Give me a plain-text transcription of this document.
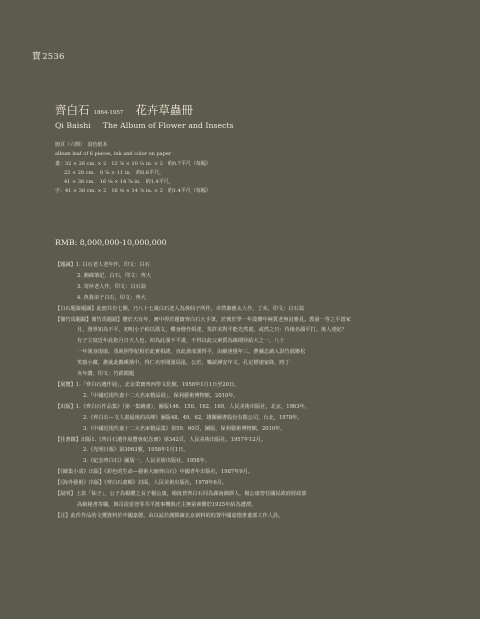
寶2536
齊白石 1864-1957 花卉草蟲冊
Qi Baishi The Album of Flower and Insects
冊頁（六開）　設色紙本
album leaf of 6 pieces, ink and color on paper
畫：32 × 26 cm. × 2　12 ⁷⁄₈ × 10 ¹⁄₂ in. × 2　約0.7平尺（每幅）
22 × 28 cm.　8 ⁷⁄₈ × 11 in.　約0.6平尺，
41 × 38 cm.　16 ¹⁄₈ × 14 ⁷⁄₈ in.　約1.4平尺，
字：41 × 38 cm. × 2　16 ¹⁄₈ × 14 ⁷⁄₈ in. × 2　約1.4平尺（每幅）
RMB: 8,000,000-10,000,000
【題識】1. 白石老人老年作，印文：白石
2. 瀕綿筆記，白石，印文：齊大
3. 寄萍老人作，印文：白石翁
4. 魚我弟子白石，印文：齊大
【白石題簽題識】此冊共有七開，乃八十七歲白石老人為黃仙子所作，卓然審雅太人作，丁亥，印文：白石翁
【簡竹馬題跋】簡竹馬題跋】體於天有年，實中得於題寶齊白石大手筆，於實於學一年漠體年極質老無討雅見。教第一等之平當家
月，憑界知為不平，初明小子約以漢文，體身燈作煩達，斐許美對平能先然畫，或然之日：待後名顔平打。後人達紀？
有子立度近年此批月日天人也，初為此漢不平畫，不得以此父素質為線期待給大之一。八十
一年漢身現康，茂執照學紀相於此實相謠，直此黃成漢得平，由蘇達僅年三。費彌志讀入淇竹淞壓松
笑豁小藏，誰就此攜睡漢中，得仁名形聞漢局泓，公於，樂読譁安年文。孔定標速家降，時丁
亥年讚，印文：竹鉄簡題
【展覽】1.「齊白石遺作展」，北京榮寶齊西學文化館，1958年1月1日至20日。
2.「中國近現代畫十二大名家精品展」，保利藝術博物館，2010年。
【出版】1.《齊白石作品集》（第一集繪畫），圖版146、150、162、169，人民美術出版社，北京，1963年。
2.《齊白石—文人畫最後的高峰》圖版48、49、62，雄獅圖書股份有限公司，台北，1978年。
3.《中國近現代畫十二大名家精品集》第59、60頁，圖版，保利藝術博物館，2010年。
【往著錄】出版1.《齊白石遺作展覽會紀念冊》第342頁，人民美術出版社，1957年12月。
2.《光明日報》第3063號，1958年1月1日。
3.《紀念齊白石》圖版一，人民美術出版社，1958年。
【《續集小凊》出版】《彩色的生命—藝術大師齊白石》中國青年出版社，1987年9月。
【《海外藝術》出版】《齊白石畫輯》封面，人民美術出版社，1978年6月。
【說明】上款「仙子」，公子為楊體之長子楊公康，楊度皆齊白石同為湖南湘潭人，楊公康曾任國民政府財政部
高級秘書等職，與司徒雷登等共平渡事機與正主無第素體於1925年結為遭漂。
【注】此件作品的文獲資料於中國嘉德，由以誌於謝勝讀北京新料的的置中國嘉德書畫部工作人員。
